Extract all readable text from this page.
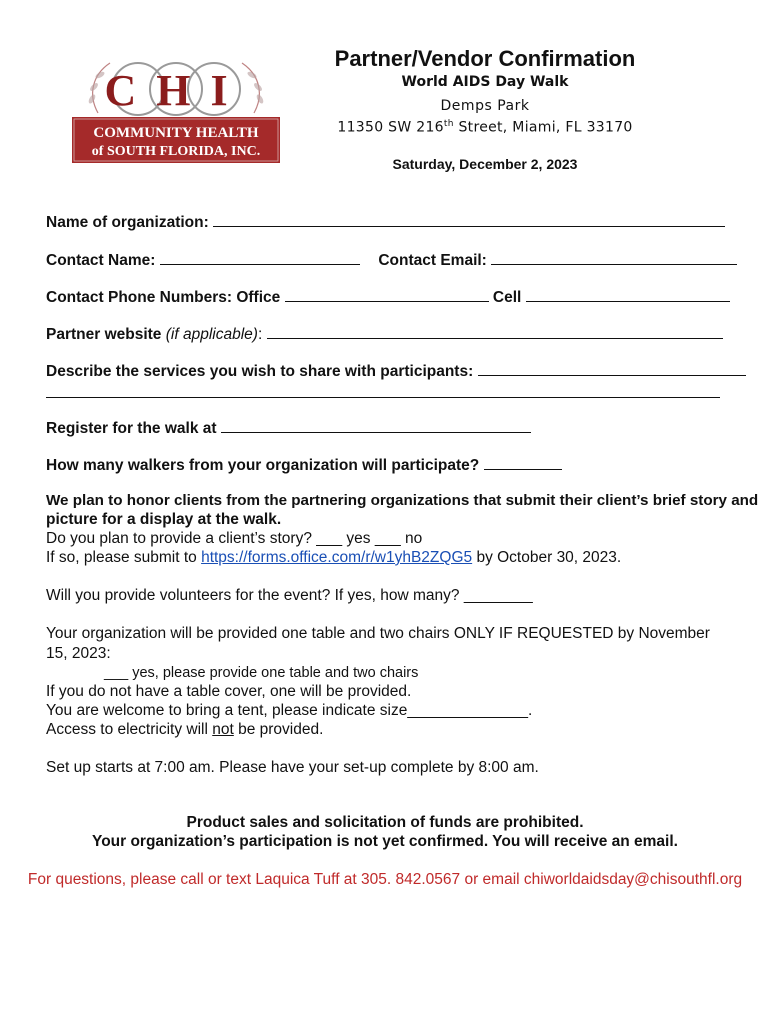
CHI
COMMUNITY HEALTH
of SOUTH FLORIDA, INC.
Partner/Vendor Confirmation
World AIDS Day Walk
Demps Park
11350 SW 216th Street, Miami, FL 33170
Saturday, December 2, 2023
Name of organization:
Contact Name:	Contact Email:
Contact Phone Numbers: Office	Cell
Partner website (if applicable):
Describe the services you wish to share with participants:
Register for the walk at
How many walkers from your organization will participate?
We plan to honor clients from the partnering organizations that submit their client’s brief story and
picture for a display at the walk.
Do you plan to provide a client’s story? ___ yes ___ no
If so, please submit to https://forms.office.com/r/w1yhB2ZQG5 by October 30, 2023.
Will you provide volunteers for the event? If yes, how many? ________
Your organization will be provided one table and two chairs ONLY IF REQUESTED by November
15, 2023:
___ yes, please provide one table and two chairs
If you do not have a table cover, one will be provided.
You are welcome to bring a tent, please indicate size______________.
Access to electricity will not be provided.
Set up starts at 7:00 am. Please have your set-up complete by 8:00 am.
Product sales and solicitation of funds are prohibited.
Your organization’s participation is not yet confirmed. You will receive an email.
For questions, please call or text Laquica Tuff at 305. 842.0567 or email chiworldaidsday@chisouthfl.org
